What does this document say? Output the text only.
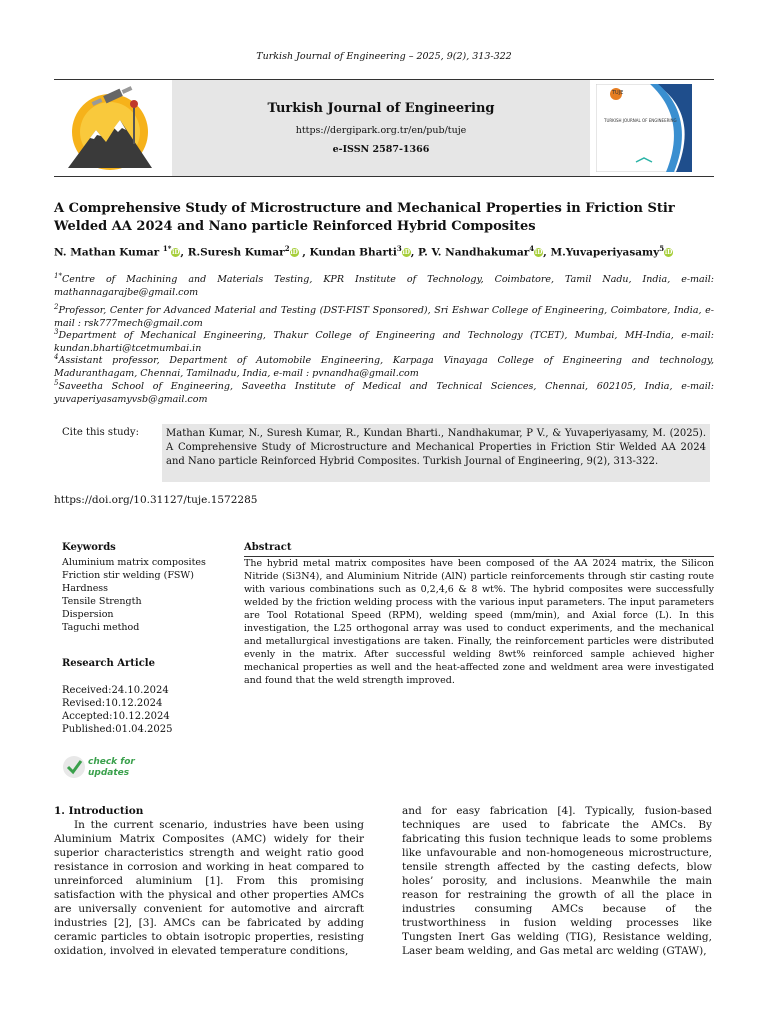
Turkish Journal of Engineering – 2025, 9(2), 313-322
Turkish Journal of Engineering
https://dergipark.org.tr/en/pub/tuje
e-ISSN 2587-1366
TUJE
TURKISH JOURNAL OF ENGINEERING
A Comprehensive Study of Microstructure and Mechanical Properties in Friction Stir Welded AA 2024 and Nano particle Reinforced Hybrid Composites
N. Mathan Kumar $^{1*}$iD, R.Suresh Kumar$^2$iD , Kundan Bharti$^3$iD, P. V. Nandhakumar$^4$iD, M.Yuvaperiyasamy$^5$iD
$^{1*}$Centre of Machining and Materials Testing, KPR Institute of Technology, Coimbatore, Tamil Nadu, India, e-mail: mathannagarajbe@gmail.com
$^2$Professor, Center for Advanced Material and Testing (DST-FIST Sponsored), Sri Eshwar College of Engineering, Coimbatore, India, e-mail : rsk777mech@gmail.com
$^3$Department of Mechanical Engineering, Thakur College of Engineering and Technology (TCET), Mumbai, MH-India, e-mail: kundan.bharti@tcetmumbai.in
$^4$Assistant professor, Department of Automobile Engineering, Karpaga Vinayaga College of Engineering and technology, Maduranthagam, Chennai, Tamilnadu, India, e-mail : pvnandha@gmail.com
$^5$Saveetha School of Engineering, Saveetha Institute of Medical and Technical Sciences, Chennai, 602105, India, e-mail: yuvaperiyasamyvsb@gmail.com
Cite this study:	Mathan Kumar, N., Suresh Kumar, R., Kundan Bharti., Nandhakumar, P V., & Yuvaperiyasamy, M. (2025). A Comprehensive Study of Microstructure and Mechanical Properties in Friction Stir Welded AA 2024 and Nano particle Reinforced Hybrid Composites. Turkish Journal of Engineering, 9(2), 313-322.
https://doi.org/10.31127/tuje.1572285
Keywords
Aluminium matrix composites
Friction stir welding (FSW)
Hardness
Tensile Strength
Dispersion
Taguchi method
Abstract
The hybrid metal matrix composites have been composed of the AA 2024 matrix, the Silicon Nitride (Si3N4), and Aluminium Nitride (AlN) particle reinforcements through stir casting route with various combinations such as 0,2,4,6 & 8 wt%. The hybrid composites were successfully welded by the friction welding process with the various input parameters. The input parameters are Tool Rotational Speed (RPM), welding speed (mm/min), and Axial force (L). In this investigation, the L25 orthogonal array was used to conduct experiments, and the mechanical and metallurgical investigations are taken. Finally, the reinforcement particles were distributed evenly in the matrix. After successful welding 8wt% reinforced sample achieved higher mechanical properties as well and the heat-affected zone and weldment area were investigated and found that the weld strength improved.
Research Article
Received:24.10.2024
Revised:10.12.2024
Accepted:10.12.2024
Published:01.04.2025
check for
updates
1. Introduction

In the current scenario, industries have been using Aluminium Matrix Composites (AMC) widely for their superior characteristics strength and weight ratio good resistance in corrosion and working in heat compared to unreinforced aluminium [1]. From this promising satisfaction with the physical and other properties AMCs are universally convenient for automotive and aircraft industries [2], [3]. AMCs can be fabricated by adding ceramic particles to obtain isotropic properties, resisting oxidation, involved in elevated temperature conditions,

and for easy fabrication [4]. Typically, fusion-based techniques are used to fabricate the AMCs. By fabricating this fusion technique leads to some problems like unfavourable and non-homogeneous microstructure, tensile strength affected by the casting defects, blow holes’ porosity, and inclusions. Meanwhile the main reason for restraining the growth of all the place in industries consuming AMCs because of the trustworthiness in fusion welding processes like Tungsten Inert Gas welding (TIG), Resistance welding, Laser beam welding, and Gas metal arc welding (GTAW),
